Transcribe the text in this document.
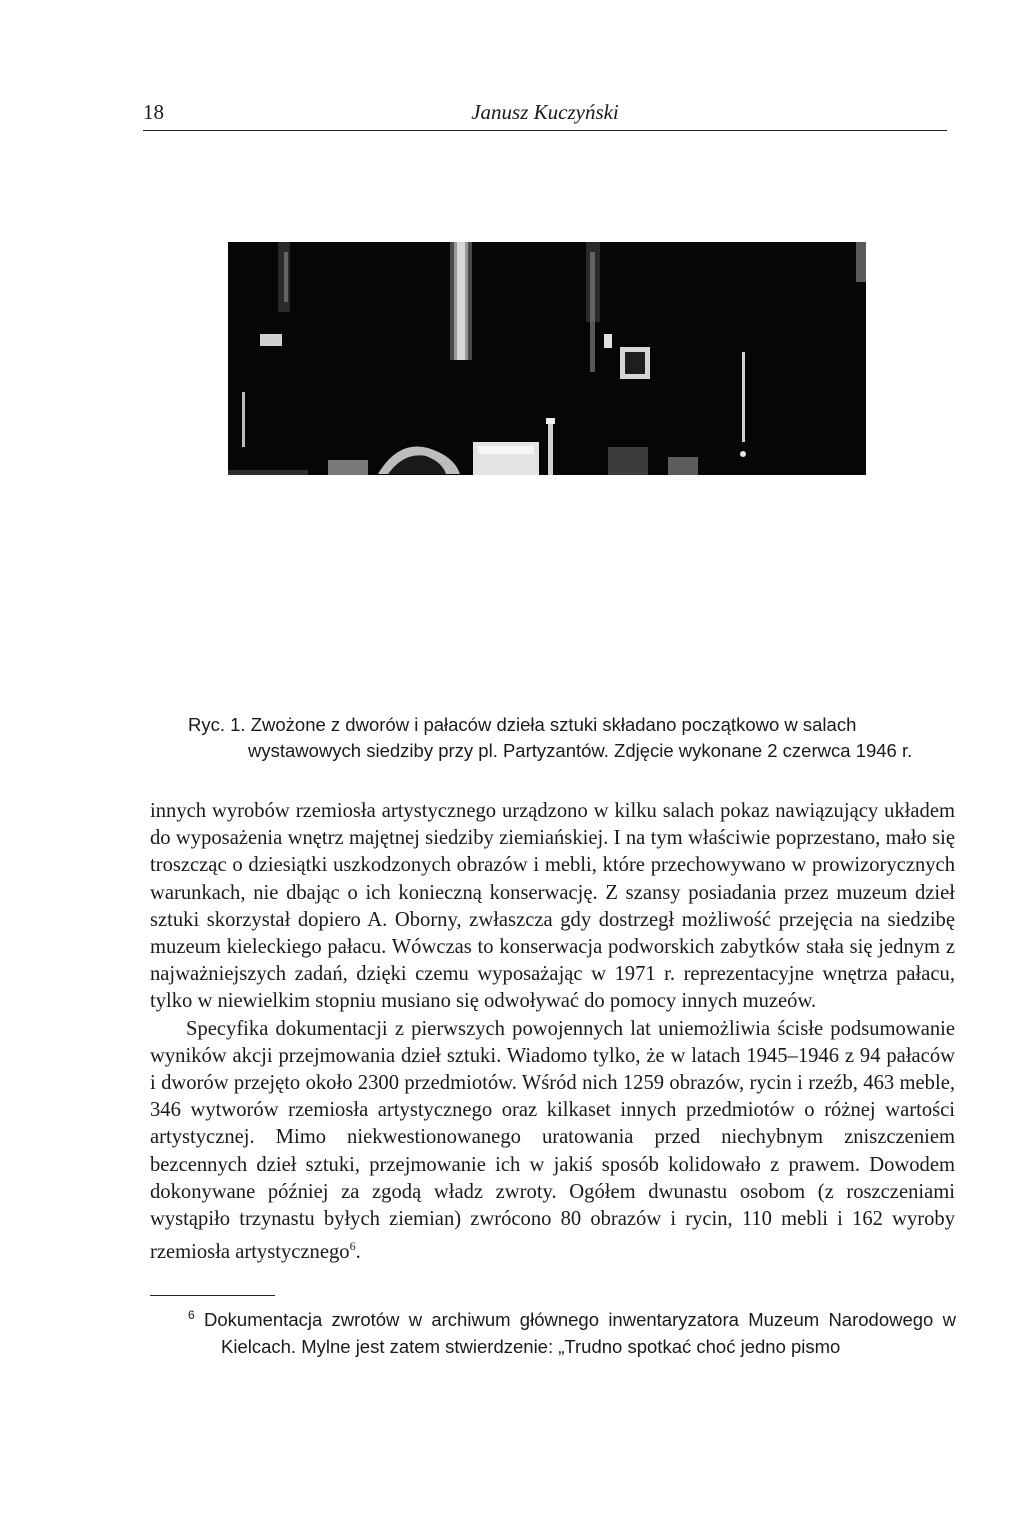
18	Janusz Kuczyński

Ryc. 1. Zwożone z dworów i pałaców dzieła sztuki składano początkowo w salach wystawowych siedziby przy pl. Partyzantów. Zdjęcie wykonane 2 czerwca 1946 r.

innych wyrobów rzemiosła artystycznego urządzono w kilku salach pokaz nawiązujący układem do wyposażenia wnętrz majętnej siedziby ziemiańskiej. I na tym właściwie poprzestano, mało się troszcząc o dziesiątki uszkodzonych obrazów i mebli, które przechowywano w prowizorycznych warunkach, nie dbając o ich konieczną konserwację. Z szansy posiadania przez muzeum dzieł sztuki skorzystał dopiero A. Oborny, zwłaszcza gdy dostrzegł możliwość przejęcia na siedzibę muzeum kieleckiego pałacu. Wówczas to konserwacja podworskich zabytków stała się jednym z najważniejszych zadań, dzięki czemu wyposażając w 1971 r. reprezentacyjne wnętrza pałacu, tylko w niewielkim stopniu musiano się odwoływać do pomocy innych muzeów.

Specyfika dokumentacji z pierwszych powojennych lat uniemożliwia ścisłe podsumowanie wyników akcji przejmowania dzieł sztuki. Wiadomo tylko, że w latach 1945–1946 z 94 pałaców i dworów przejęto około 2300 przedmiotów. Wśród nich 1259 obrazów, rycin i rzeźb, 463 meble, 346 wytworów rzemiosła artystycznego oraz kilkaset innych przedmiotów o różnej wartości artystycznej. Mimo niekwestionowanego uratowania przed niechybnym zniszczeniem bezcennych dzieł sztuki, przejmowanie ich w jakiś sposób kolidowało z prawem. Dowodem dokonywane później za zgodą władz zwroty. Ogółem dwunastu osobom (z roszczeniami wystąpiło trzynastu byłych ziemian) zwrócono 80 obrazów i rycin, 110 mebli i 162 wyroby rzemiosła artystycznego$^6$.

$^6$ Dokumentacja zwrotów w archiwum głównego inwentaryzatora Muzeum Narodowego w Kielcach. Mylne jest zatem stwierdzenie: „Trudno spotkać choć jedno pismo
